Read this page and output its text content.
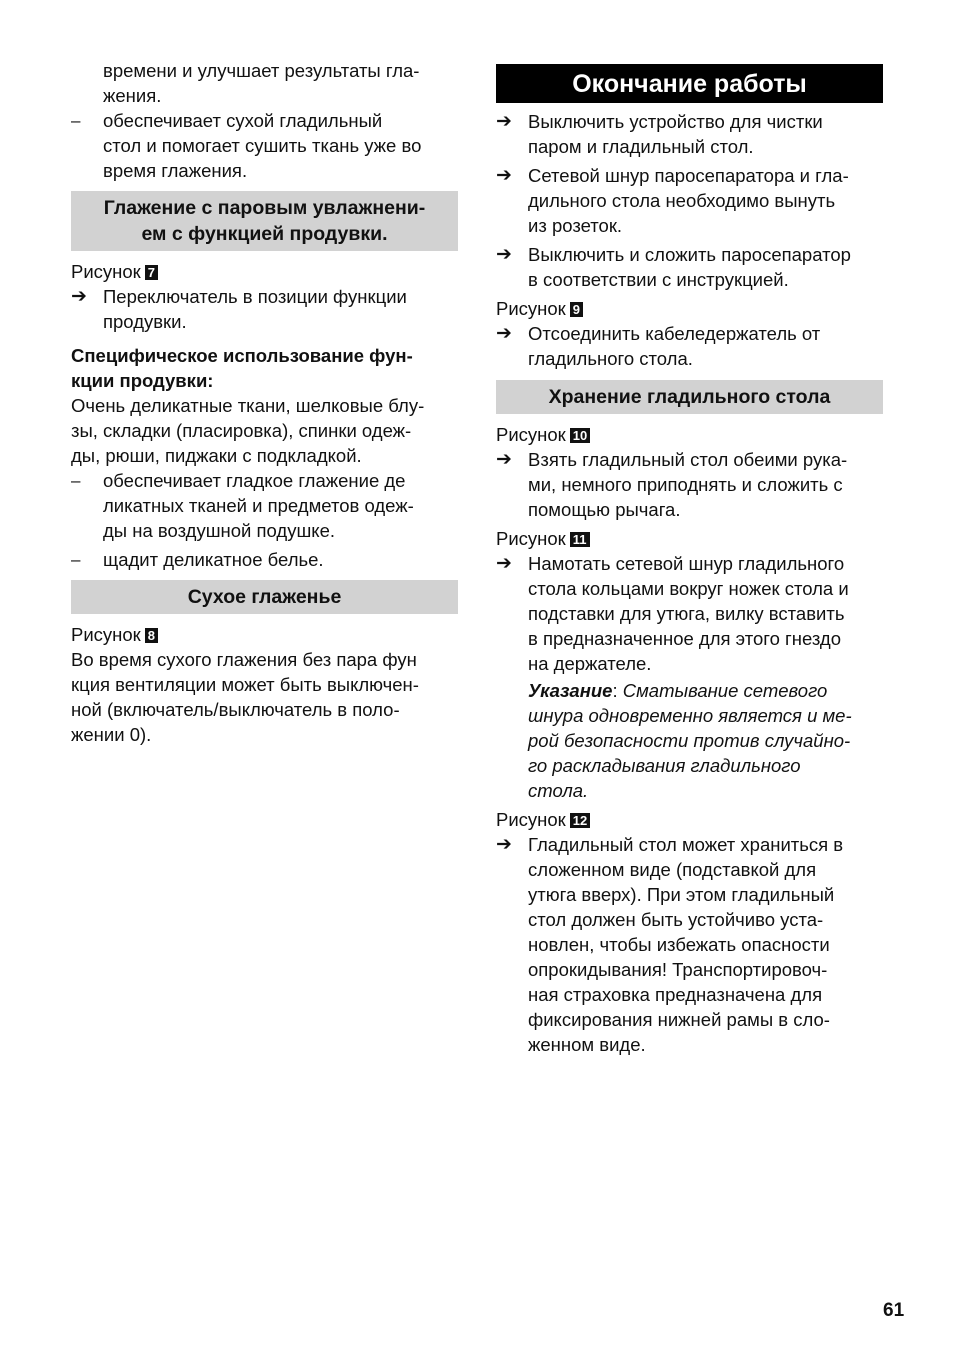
времени и улучшает результаты гла-

жения.

–	обеспечивает сухой гладильный

стол и помогает сушить ткань уже во

время глажения.

Глажение с паровым увлажнени-
ем с функцией продувки.

Рисунок 7

➔ Переключатель в позиции функции

продувки.

Специфическое использование фун-

кции продувки:

Очень деликатные ткани, шелковые блу-

зы, складки (пласировка), спинки одеж-

ды, рюши, пиджаки с подкладкой.

–	обеспечивает гладкое глажение де

ликатных тканей и предметов одеж-

ды на воздушной подушке.

–	щадит деликатное белье.

Сухое глаженье

Рисунок 8

Во время сухого глажения без пара фун

кция вентиляции может быть выключен-

ной (включатель/выключатель в поло-

жении 0).

Окончание работы
➔ Выключить устройство для чистки

паром и гладильный стол.

➔ Сетевой шнур паросепаратора и гла-

дильного стола необходимо вынуть

из розеток.

➔ Выключить и сложить паросепаратор

в соответствии с инструкцией.

Рисунок 9

➔ Отсоединить кабеледержатель от

гладильного стола.

Хранение гладильного стола

Рисунок 10

➔ Взять гладильный стол обеими рука-

ми, немного приподнять и сложить с

помощью рычага.

Рисунок 11

➔ Намотать сетевой шнур гладильного

стола кольцами вокруг ножек стола и

подставки для утюга, вилку вставить

в предназначенное для этого гнездо

на держателе.

Указание: Сматывание сетевого

шнура одновременно является и ме-

рой безопасности против случайно-

го раскладывания гладильного

стола.

Рисунок 12

➔ Гладильный стол может храниться в

сложенном виде (подставкой для

утюга вверх). При этом гладильный

стол должен быть устойчиво уста-

новлен, чтобы избежать опасности

опрокидывания! Транспортировоч-

ная страховка предназначена для

фиксирования нижней рамы в сло-

женном виде.

61
